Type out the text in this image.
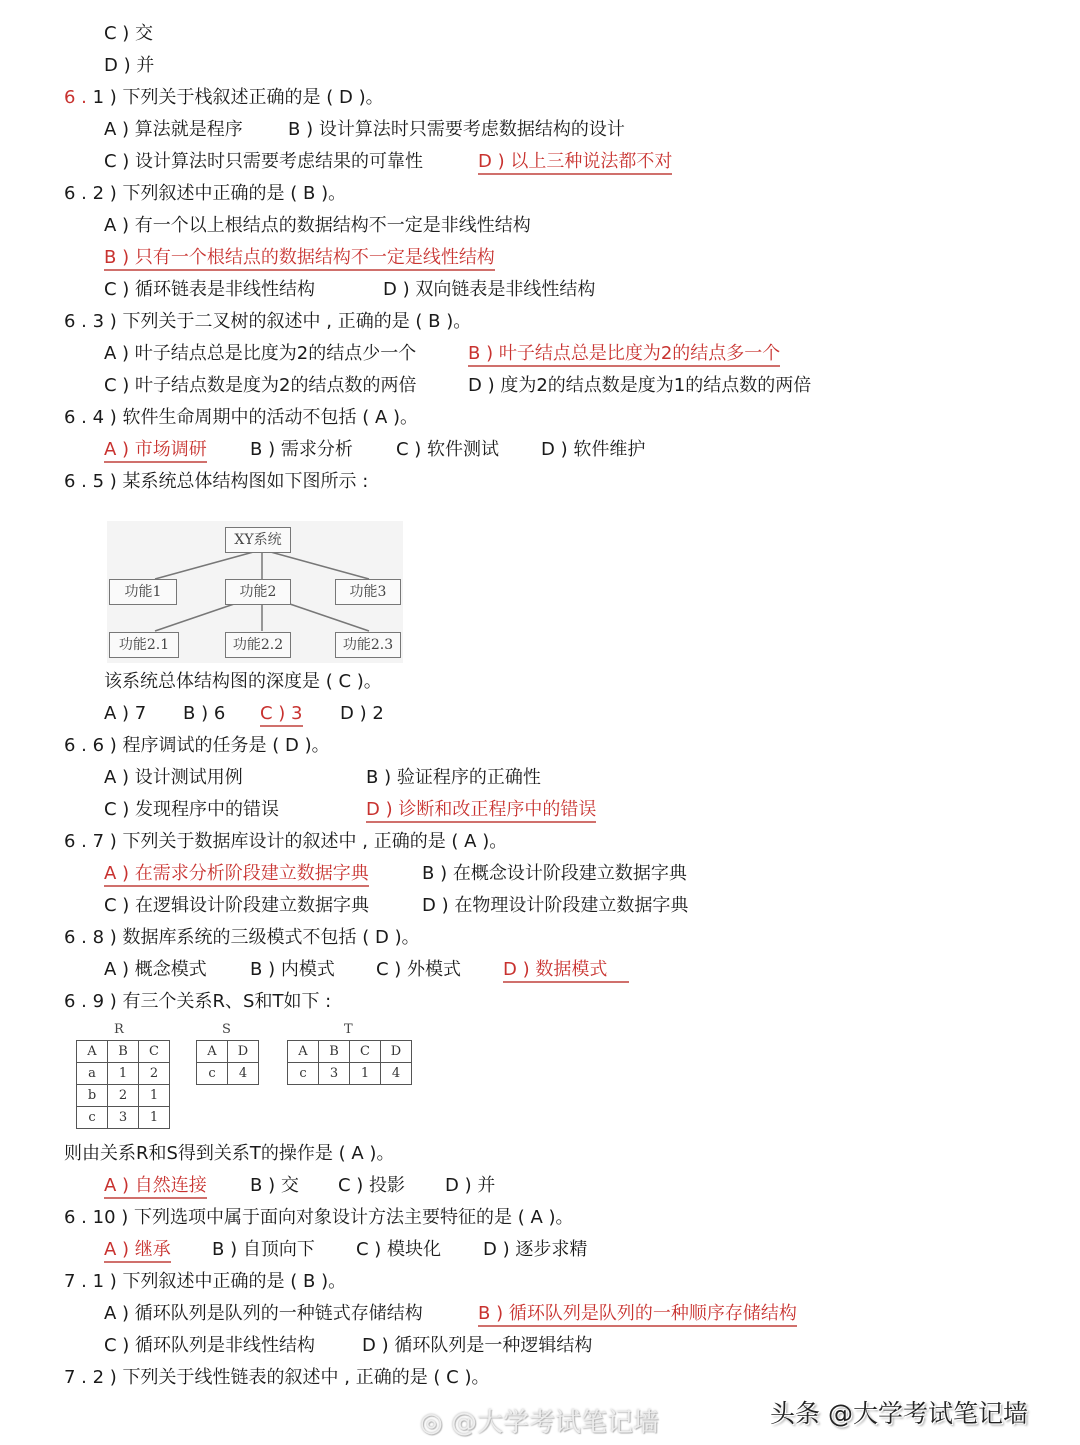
C ) 交
D ) 并
6 . 1 ) 下列关于栈叙述正确的是 ( D )。
A ) 算法就是程序	B ) 设计算法时只需要考虑数据结构的设计
C ) 设计算法时只需要考虑结果的可靠性	D ) 以上三种说法都不对
6 . 2 ) 下列叙述中正确的是 ( B )。
A ) 有一个以上根结点的数据结构不一定是非线性结构
B ) 只有一个根结点的数据结构不一定是线性结构
C ) 循环链表是非线性结构	D ) 双向链表是非线性结构
6 . 3 ) 下列关于二叉树的叙述中 , 正确的是 ( B )。
A ) 叶子结点总是比度为2的结点少一个	B ) 叶子结点总是比度为2的结点多一个
C ) 叶子结点数是度为2的结点数的两倍	D ) 度为2的结点数是度为1的结点数的两倍
6 . 4 ) 软件生命周期中的活动不包括 ( A )。
A ) 市场调研 B ) 需求分析 C ) 软件测试 D ) 软件维护
6 . 5 ) 某系统总体结构图如下图所示 :
XY系统
功能1	功能2	功能3
功能2.1	功能2.2	功能2.3
该系统总体结构图的深度是 ( C )。
A ) 7 B ) 6 C ) 3 D ) 2
6 . 6 ) 程序调试的任务是 ( D )。
A ) 设计测试用例	B ) 验证程序的正确性
C ) 发现程序中的错误	D ) 诊断和改正程序中的错误
6 . 7 ) 下列关于数据库设计的叙述中 , 正确的是 ( A )。
A ) 在需求分析阶段建立数据字典	B ) 在概念设计阶段建立数据字典
C ) 在逻辑设计阶段建立数据字典	D ) 在物理设计阶段建立数据字典
6 . 8 ) 数据库系统的三级模式不包括 ( D )。
A ) 概念模式 B ) 内模式 C ) 外模式 D ) 数据模式
6 . 9 ) 有三个关系R、S和T如下 :
R
A	B	C
a	1	2
b	2	1
c	3	1
S
A	D
c	4
T
A	B	C	D
c	3	1	4
则由关系R和S得到关系T的操作是 ( A )。
A ) 自然连接 B ) 交 C ) 投影 D ) 并
6 . 10 ) 下列选项中属于面向对象设计方法主要特征的是 ( A )。
A ) 继承 B ) 自顶向下 C ) 模块化 D ) 逐步求精
7 . 1 ) 下列叙述中正确的是 ( B )。
A ) 循环队列是队列的一种链式存储结构	B ) 循环队列是队列的一种顺序存储结构
C ) 循环队列是非线性结构	D ) 循环队列是一种逻辑结构
7 . 2 ) 下列关于线性链表的叙述中 , 正确的是 ( C )。
◎ @大学考试笔记墙	头条 @大学考试笔记墙
